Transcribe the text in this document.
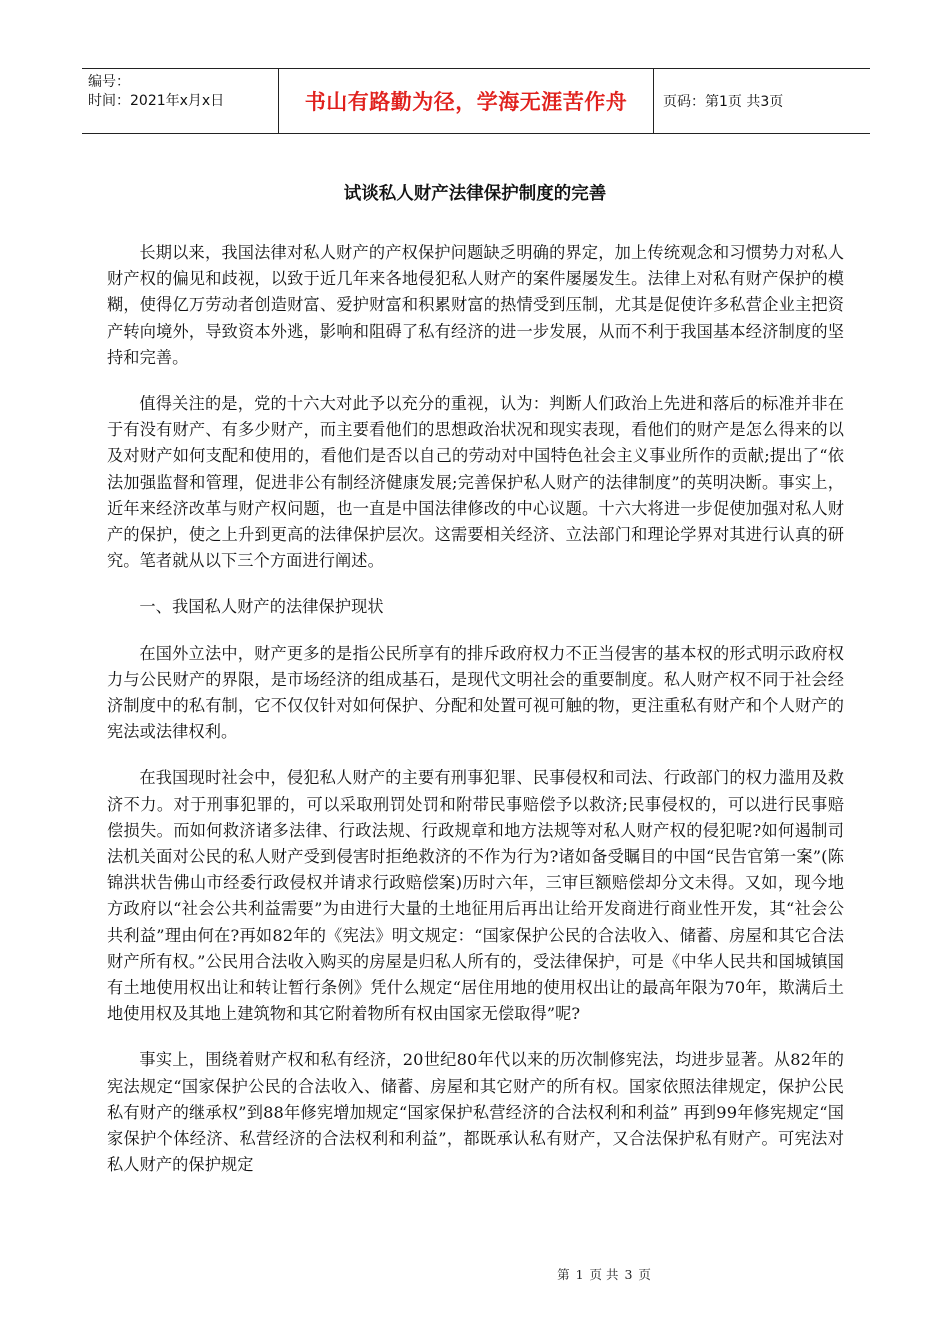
编号：
时间：2021年x月x日	书山有路勤为径，学海无涯苦作舟	页码：第1页 共3页
试谈私人财产法律保护制度的完善

长期以来，我国法律对私人财产的产权保护问题缺乏明确的界定，加上传统观念和习惯势力对私人财产权的偏见和歧视，以致于近几年来各地侵犯私人财产的案件屡屡发生。法律上对私有财产保护的模糊，使得亿万劳动者创造财富、爱护财富和积累财富的热情受到压制，尤其是促使许多私营企业主把资产转向境外，导致资本外逃，影响和阻碍了私有经济的进一步发展，从而不利于我国基本经济制度的坚持和完善。

值得关注的是，党的十六大对此予以充分的重视，认为：判断人们政治上先进和落后的标准并非在于有没有财产、有多少财产，而主要看他们的思想政治状况和现实表现，看他们的财产是怎么得来的以及对财产如何支配和使用的，看他们是否以自己的劳动对中国特色社会主义事业所作的贡献;提出了“依法加强监督和管理，促进非公有制经济健康发展;完善保护私人财产的法律制度”的英明决断。事实上，近年来经济改革与财产权问题，也一直是中国法律修改的中心议题。十六大将进一步促使加强对私人财产的保护，使之上升到更高的法律保护层次。这需要相关经济、立法部门和理论学界对其进行认真的研究。笔者就从以下三个方面进行阐述。

一、我国私人财产的法律保护现状

在国外立法中，财产更多的是指公民所享有的排斥政府权力不正当侵害的基本权的形式明示政府权力与公民财产的界限，是市场经济的组成基石，是现代文明社会的重要制度。私人财产权不同于社会经济制度中的私有制，它不仅仅针对如何保护、分配和处置可视可触的物，更注重私有财产和个人财产的宪法或法律权利。

在我国现时社会中，侵犯私人财产的主要有刑事犯罪、民事侵权和司法、行政部门的权力滥用及救济不力。对于刑事犯罪的，可以采取刑罚处罚和附带民事赔偿予以救济;民事侵权的，可以进行民事赔偿损失。而如何救济诸多法律、行政法规、行政规章和地方法规等对私人财产权的侵犯呢?如何遏制司法机关面对公民的私人财产受到侵害时拒绝救济的不作为行为?诸如备受瞩目的中国“民告官第一案”(陈锦洪状告佛山市经委行政侵权并请求行政赔偿案)历时六年，三审巨额赔偿却分文未得。又如，现今地方政府以“社会公共利益需要”为由进行大量的土地征用后再出让给开发商进行商业性开发，其“社会公共利益”理由何在?再如82年的《宪法》明文规定：“国家保护公民的合法收入、储蓄、房屋和其它合法财产所有权。”公民用合法收入购买的房屋是归私人所有的，受法律保护，可是《中华人民共和国城镇国有土地使用权出让和转让暂行条例》凭什么规定“居住用地的使用权出让的最高年限为70年，欺满后土地使用权及其地上建筑物和其它附着物所有权由国家无偿取得”呢?

事实上，围绕着财产权和私有经济，20世纪80年代以来的历次制修宪法，均进步显著。从82年的宪法规定“国家保护公民的合法收入、储蓄、房屋和其它财产的所有权。国家依照法律规定，保护公民私有财产的继承权”到88年修宪增加规定“国家保护私营经济的合法权利和利益” 再到99年修宪规定“国家保护个体经济、私营经济的合法权利和利益”，都既承认私有财产，又合法保护私有财产。可宪法对私人财产的保护规定

第 1 页 共 3 页
